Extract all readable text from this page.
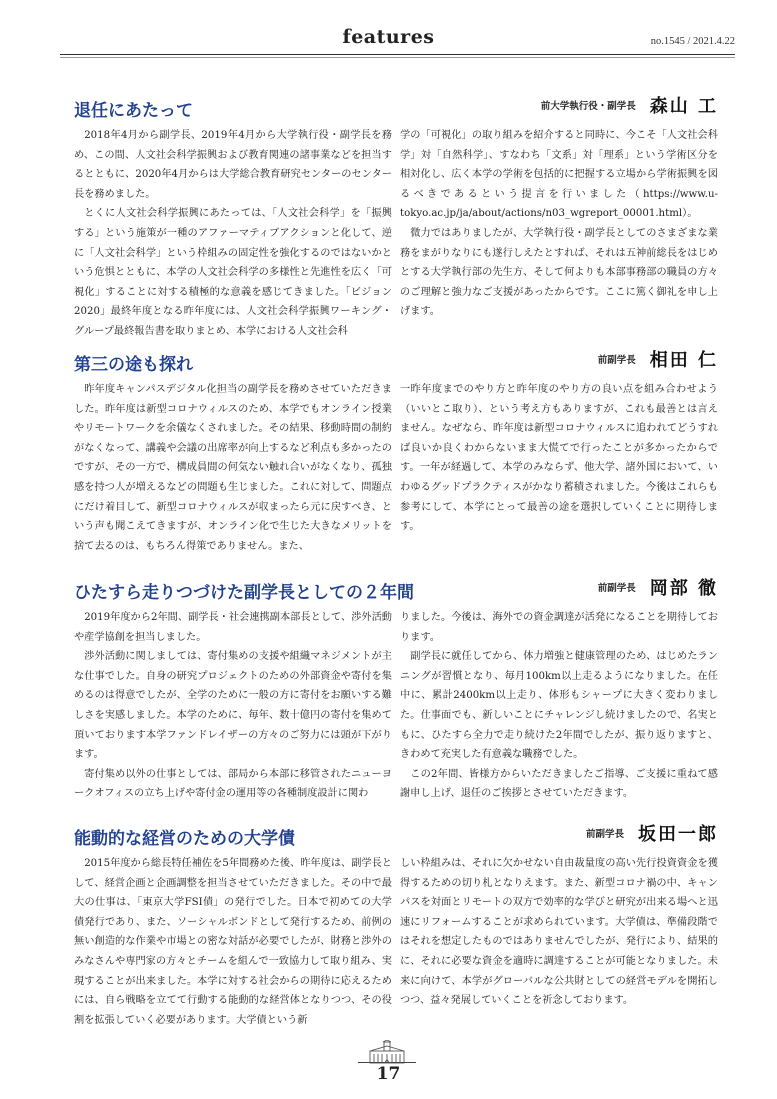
features	no.1545 / 2021.4.22
退任にあたって	前大学執行役・副学長 森山 工

2018年4月から副学長、2019年4月から大学執行役・副学長を務め、この間、人文社会科学振興および教育関連の諸事業などを担当するとともに、2020年4月からは大学総合教育研究センターのセンター長を務めました。

とくに人文社会科学振興にあたっては、「人文社会科学」を「振興する」という施策が一種のアファーマティブアクションと化して、逆に「人文社会科学」という枠組みの固定性を強化するのではないかという危惧とともに、本学の人文社会科学の多様性と先進性を広く「可視化」することに対する積極的な意義を感じてきました。「ビジョン2020」最終年度となる昨年度には、人文社会科学振興ワーキング・グループ最終報告書を取りまとめ、本学における人文社会科

学の「可視化」の取り組みを紹介すると同時に、今こそ「人文社会科学」対「自然科学」、すなわち「文系」対「理系」という学術区分を相対化し、広く本学の学術を包括的に把握する立場から学術振興を図るべきであるという提言を行いました（https://www.u-tokyo.ac.jp/ja/about/actions/n03_wgreport_00001.html）。

微力ではありましたが、大学執行役・副学長としてのさまざまな業務をまがりなりにも遂行しえたとすれば、それは五神前総長をはじめとする大学執行部の先生方、そして何よりも本部事務部の職員の方々のご理解と強力なご支援があったからです。ここに篤く御礼を申し上げます。

第三の途も探れ	前副学長 相田 仁

昨年度キャンパスデジタル化担当の副学長を務めさせていただきました。昨年度は新型コロナウィルスのため、本学でもオンライン授業やリモートワークを余儀なくされました。その結果、移動時間の制約がなくなって、講義や会議の出席率が向上するなど利点も多かったのですが、その一方で、構成員間の何気ない触れ合いがなくなり、孤独感を持つ人が増えるなどの問題も生じました。これに対して、問題点にだけ着目して、新型コロナウィルスが収まったら元に戻すべき、という声も聞こえてきますが、オンライン化で生じた大きなメリットを捨て去るのは、もちろん得策でありません。また、

一昨年度までのやり方と昨年度のやり方の良い点を組み合わせよう（いいとこ取り）、という考え方もありますが、これも最善とは言えません。なぜなら、昨年度は新型コロナウィルスに追われてどうすれば良いか良くわからないまま大慌てで行ったことが多かったからです。一年が経過して、本学のみならず、他大学、諸外国において、いわゆるグッドプラクティスがかなり蓄積されました。今後はこれらも参考にして、本学にとって最善の途を選択していくことに期待します。

ひたすら走りつづけた副学長としての２年間	前副学長 岡部 徹

2019年度から2年間、副学長・社会連携副本部長として、渉外活動や産学協創を担当しました。

渉外活動に関しましては、寄付集めの支援や組織マネジメントが主な仕事でした。自身の研究プロジェクトのための外部資金や寄付を集めるのは得意でしたが、全学のために一般の方に寄付をお願いする難しさを実感しました。本学のために、毎年、数十億円の寄付を集めて頂いております本学ファンドレイザーの方々のご努力には頭が下がります。

寄付集め以外の仕事としては、部局から本部に移管されたニューヨークオフィスの立ち上げや寄付金の運用等の各種制度設計に関わ

りました。今後は、海外での資金調達が活発になることを期待しております。

副学長に就任してから、体力増強と健康管理のため、はじめたランニングが習慣となり、毎月100km以上走るようになりました。在任中に、累計2400km以上走り、体形もシャープに大きく変わりました。仕事面でも、新しいことにチャレンジし続けましたので、名実ともに、ひたすら全力で走り続けた2年間でしたが、振り返りますと、きわめて充実した有意義な職務でした。

この2年間、皆様方からいただきましたご指導、ご支援に重ねて感謝申し上げ、退任のご挨拶とさせていただきます。

能動的な経営のための大学債	前副学長 坂田一郎

2015年度から総長特任補佐を5年間務めた後、昨年度は、副学長として、経営企画と企画調整を担当させていただきました。その中で最大の仕事は、「東京大学FSI債」の発行でした。日本で初めての大学債発行であり、また、ソーシャルボンドとして発行するため、前例の無い創造的な作業や市場との密な対話が必要でしたが、財務と渉外のみなさんや専門家の方々とチームを組んで一致協力して取り組み、実現することが出来ました。本学に対する社会からの期待に応えるためには、自ら戦略を立てて行動する能動的な経営体となりつつ、その役割を拡張していく必要があります。大学債という新

しい枠組みは、それに欠かせない自由裁量度の高い先行投資資金を獲得するための切り札となりえます。また、新型コロナ禍の中、キャンパスを対面とリモートの双方で効率的な学びと研究が出来る場へと迅速にリフォームすることが求められています。大学債は、準備段階ではそれを想定したものではありませんでしたが、発行により、結果的に、それに必要な資金を適時に調達することが可能となりました。未来に向けて、本学がグローバルな公共財としての経営モデルを開拓しつつ、益々発展していくことを祈念しております。

17
